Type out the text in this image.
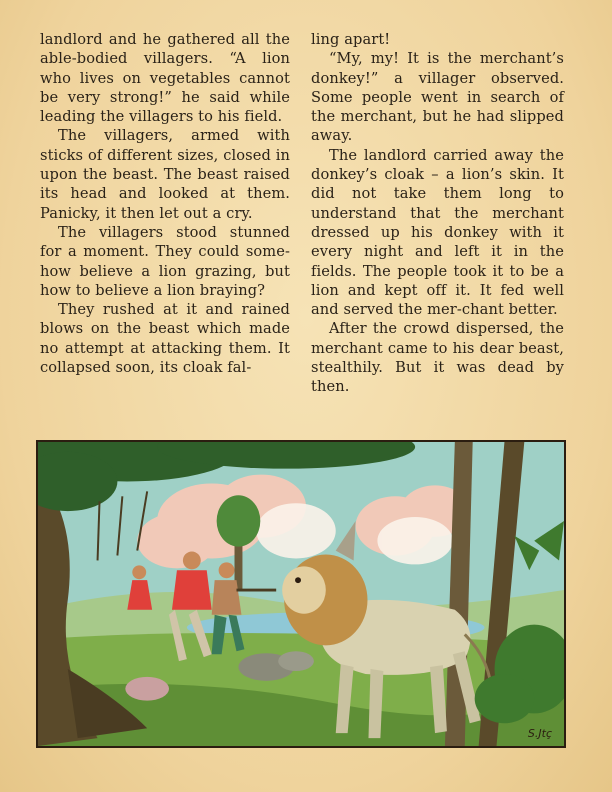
landlord and he gathered all the able-bodied villagers. “A lion who lives on vegetables cannot be very strong!” he said while leading the villagers to his field.

The villagers, armed with sticks of different sizes, closed in upon the beast. The beast raised its head and looked at them. Panicky, it then let out a cry.

The villagers stood stunned for a moment. They could some-how believe a lion grazing, but how to believe a lion braying?

They rushed at it and rained blows on the beast which made no attempt at attacking them. It collapsed soon, its cloak fal-

ling apart!

“My, my! It is the merchant’s donkey!” a villager observed. Some people went in search of the merchant, but he had slipped away.

The landlord carried away the donkey’s cloak – a lion’s skin. It did not take them long to understand that the merchant dressed up his donkey with it every night and left it in the fields. The people took it to be a lion and kept off it. It fed well and served the mer-chant better.

After the crowd dispersed, the merchant came to his dear beast, stealthily. But it was dead by then.

S.Jtç
